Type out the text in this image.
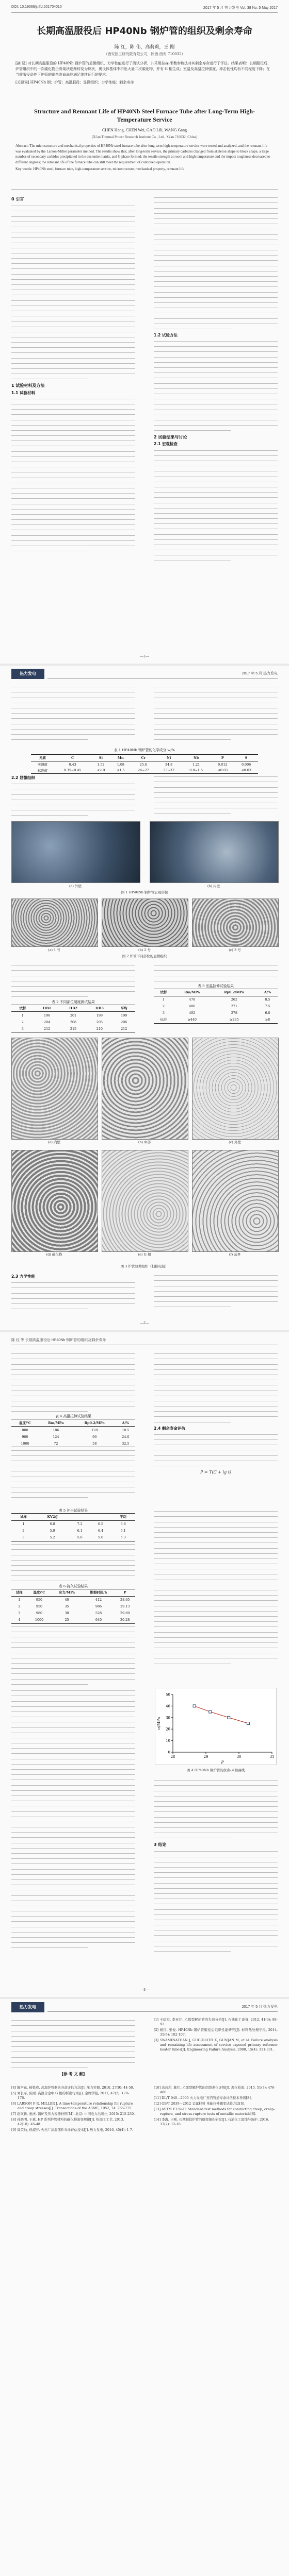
DOI: 10.19666/j.rlfd.201704010	2017 年 5 月 热力发电 Vol. 38 No. 5 May 2017
长期高温服役后 HP40Nb 钢炉管的组织及剩余寿命
陈 红，陈 伟，高莉莉，王 刚
（西安热工研究院有限公司，陕西 西安 710032）
[摘 要] 对长期高温服役的 HP40Nb 钢炉管的显微组织、力学性能进行了测试分析，并采用拉森-米勒参数法对其剩余寿命进行了评估。结果表明：长期服役后，炉管组织中的一次碳化物由骨架状逐渐转变为块状，奥氏体基体中析出大量二次碳化物，并有 G 相生成；室温及高温拉伸强度、冲击韧性均有不同程度下降；在当前服役条件下炉管的剩余寿命尚能满足继续运行的要求。
[关键词] HP40Nb 钢；炉管；高温服役；显微组织；力学性能；剩余寿命
Structure and Remnant Life of HP40Nb Steel Furnace Tube after Long-Term High-Temperature Service
CHEN Hong, CHEN Wei, GAO Lili, WANG Gang
(Xi'an Thermal Power Research Institute Co., Ltd., Xi'an 710032, China)
Abstract: The microstructure and mechanical properties of HP40Nb steel furnace tube after long-term high-temperature service were tested and analyzed, and the remnant life was evaluated by the Larson-Miller parameter method. The results show that, after long-term service, the primary carbides changed from skeleton shape to block shape, a large number of secondary carbides precipitated in the austenite matrix, and G phase formed; the tensile strength at room and high temperature and the impact toughness decreased to different degrees; the remnant life of the furnace tube can still meet the requirement of continued operation.
Key words: HP40Nb steel, furnace tube, high-temperature service, microstructure, mechanical property, remnant life
0 引言
1 试验材料及方法
1.1 试验材料
1.2 试验方法
2 试验结果与讨论
2.1 宏观检查
—1—
热力发电	2017 年 5 月 热力发电
表 1 HP40Nb 钢炉管的化学成分 w/%
元素	C	Si	Mn	Cr	Ni	Nb	P	S
实测值	0.43	1.52	1.08	25.6	34.8	1.21	0.012	0.006
标准值	0.35~0.45	≤2.0	≤1.5	24~27	33~37	0.8~1.5	≤0.03	≤0.03
2.2 显微组织
(a) 外壁	(b) 内壁
图 1 HP40Nb 钢炉管宏观形貌
(a) 1 号	(b) 2 号	(c) 3 号
图 2 炉管不同部位的显微组织
表 2 不同部位硬度测试结果
试样	HB1	HB2	HB3	平均
1	196	201	199	199
2	204	208	205	206
3	212	215	210	212
表 3 室温拉伸试验结果
试样	Rm/MPa	Rp0.2/MPa	A/%
1	478	262	8.5
2	486	271	7.5
3	492	278	6.0
标准	≥440	≥235	≥8
(a) 内壁	(b) 中部	(c) 外壁
(d) 碳化物	(e) G 相	(f) 晶界
图 3 炉管显微组织（扫描电镜）
2.3 力学性能
—2—
陈 红 等 长期高温服役后 HP40Nb 钢炉管的组织及剩余寿命
表 4 高温拉伸试验结果
温度/℃	Rm/MPa	Rp0.2/MPa	A/%
800	186	128	18.5
900	124	96	24.0
1000	72	58	32.5
2.4 剩余寿命评估
P = T(C + lg t)
表 5 冲击试验结果
试样	KV2/J			平均
1	6.8	7.2	6.5	6.8
2	5.9	6.1	6.4	6.1
3	5.2	5.6	5.0	5.3
表 6 持久试验结果
试样	温度/℃	应力/MPa	断裂时间/h	P
1	950	40	412	28.65
2	950	35	986	29.13
3	980	30	528	29.69
4	1000	25	640	30.28
28	29	30	31
0
10
20
30
40
50
P
σ/MPa
图 4 HP40Nb 钢炉管的拉森-米勒曲线
3 结论
—3—
热力发电	2017 年 5 月 热力发电
[参 考 文 献]
[1] 王建军, 李亚芹. 乙烯裂解炉管的失效分析[J]. 石油化工设备, 2012, 41(3): 88-92.
[2] 杨伟, 张俊. HP40Nb 钢炉管服役后组织性能研究[J]. 材料热处理学报, 2014, 35(6): 102-107.
[3] SWAMINATHAN J, GUGULOTH K, GUNJAN M, et al. Failure analysis and remaining life assessment of service exposed primary reformer heater tubes[J]. Engineering Failure Analysis, 2008, 15(4): 311-331.
[4] 陈学东, 杨铁成. 高温炉管剩余寿命评估方法[J]. 压力容器, 2010, 27(9): 44-50.
[5] 刘长军, 陈刚. 高温合金中 G 相的析出行为[J]. 金属学报, 2011, 47(2): 170-176.
[6] LARSON F R, MILLER J. A time-temperature relationship for rupture and creep stresses[J]. Transactions of the ASME, 1952, 74: 765-775.
[7] 赵钦新, 惠虎. 锅炉及压力容器材料[M]. 北京: 中国电力出版社, 2015: 215-230.
[8] 孙晓明, 王惠. HP 系列炉管材料的碳化物演变规律[J]. 热加工工艺, 2013, 42(18): 45-48.
[9] 周荣灿, 侯淑芳. 火电厂高温部件寿命评估技术[J]. 热力发电, 2016, 45(4): 1-7.
[10] 高莉莉, 陈红. 乙烯裂解炉管的组织老化评级[J]. 理化检验, 2015, 51(7): 476-480.
[11] DL/T 940—2005 火力发电厂蒸汽管道寿命评估技术导则[S].
[12] GB/T 2039—2012 金属材料 单轴拉伸蠕变试验方法[S].
[13] ASTM E139-11 Standard test methods for conducting creep, creep-rupture, and stress-rupture tests of metallic materials[S].
[14] 李海, 王刚. 长期服役炉管的蠕变损伤研究[J]. 石油化工腐蚀与防护, 2016, 33(2): 12-16.
